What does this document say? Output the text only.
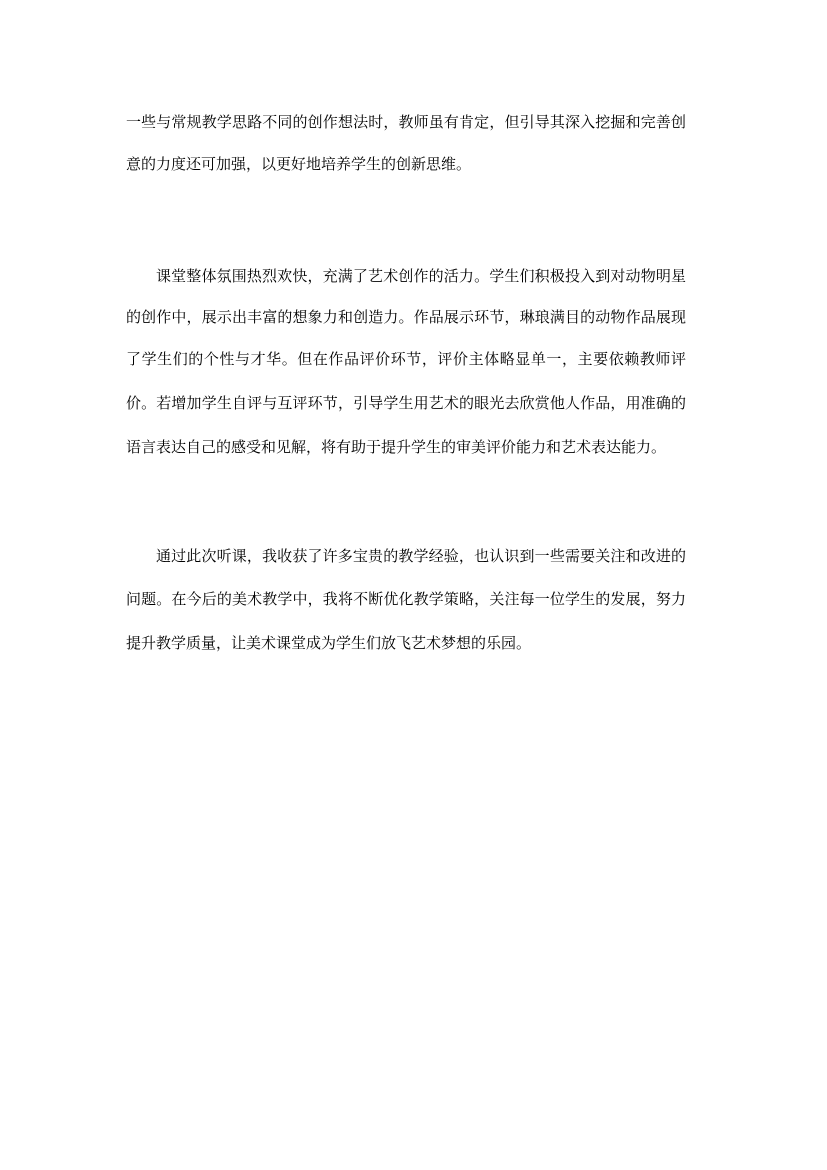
一些与常规教学思路不同的创作想法时，教师虽有肯定，但引导其深入挖掘和完善创

意的力度还可加强，以更好地培养学生的创新思维。

课堂整体氛围热烈欢快，充满了艺术创作的活力。学生们积极投入到对动物明星

的创作中，展示出丰富的想象力和创造力。作品展示环节，琳琅满目的动物作品展现

了学生们的个性与才华。但在作品评价环节，评价主体略显单一，主要依赖教师评

价。若增加学生自评与互评环节，引导学生用艺术的眼光去欣赏他人作品，用准确的

语言表达自己的感受和见解，将有助于提升学生的审美评价能力和艺术表达能力。

通过此次听课，我收获了许多宝贵的教学经验，也认识到一些需要关注和改进的

问题。在今后的美术教学中，我将不断优化教学策略，关注每一位学生的发展，努力

提升教学质量，让美术课堂成为学生们放飞艺术梦想的乐园。
